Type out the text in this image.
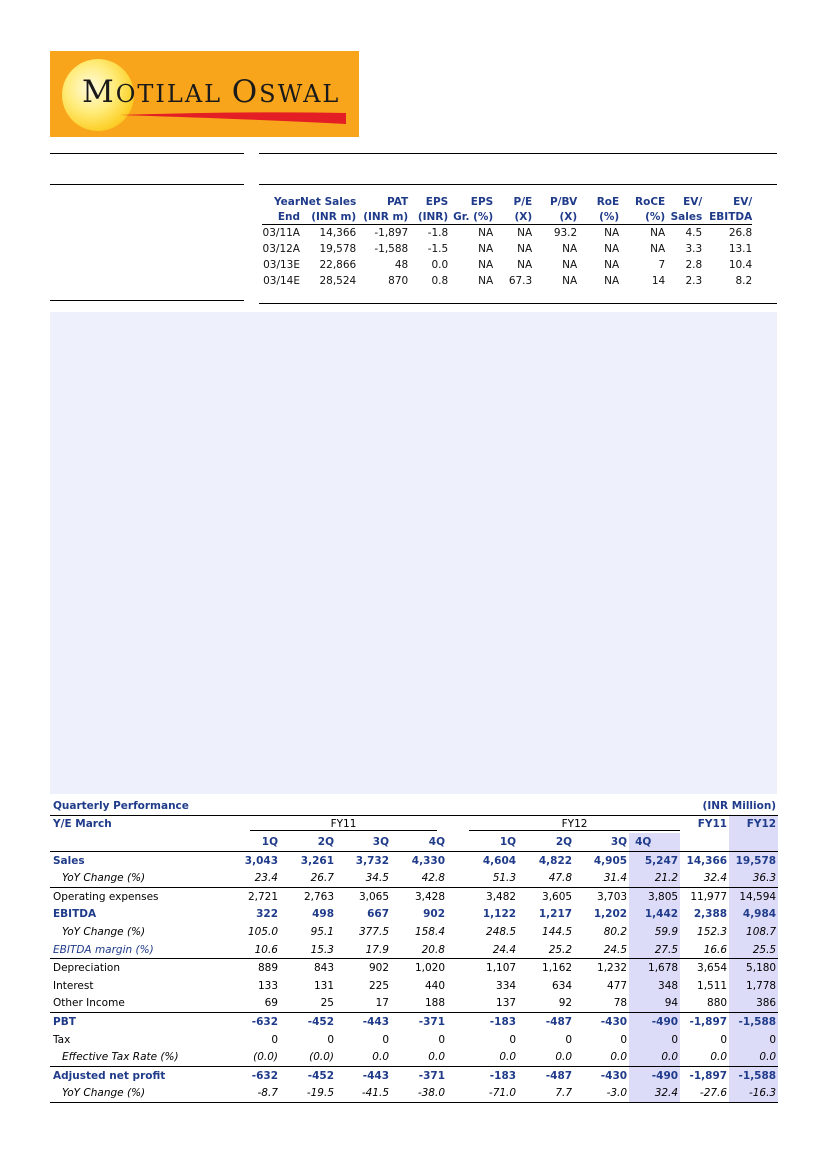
MOTILAL OSWAL
Year	Net Sales	PAT	EPS	EPS	P/E	P/BV	RoE	RoCE	EV/	EV/
End	(INR m)	(INR m)	(INR)	Gr. (%)	(X)	(X)	(%)	(%)	Sales	EBITDA
03/11A	14,366	-1,897	-1.8	NA	NA	93.2	NA	NA	4.5	26.8
03/12A	19,578	-1,588	-1.5	NA	NA	NA	NA	NA	3.3	13.1
03/13E	22,866	48	0.0	NA	NA	NA	NA	7	2.8	10.4
03/14E	28,524	870	0.8	NA	67.3	NA	NA	14	2.3	8.2
Quarterly Performance						(INR Million)				
Y/E March	FY11				FY12				FY11	FY12
	1Q	2Q	3Q	4Q	1Q	2Q	3Q	4Q		
Sales	3,043	3,261	3,732	4,330	4,604	4,822	4,905	5,247	14,366	19,578
YoY Change (%)	23.4	26.7	34.5	42.8	51.3	47.8	31.4	21.2	32.4	36.3
Operating expenses	2,721	2,763	3,065	3,428	3,482	3,605	3,703	3,805	11,977	14,594
EBITDA	322	498	667	902	1,122	1,217	1,202	1,442	2,388	4,984
YoY Change (%)	105.0	95.1	377.5	158.4	248.5	144.5	80.2	59.9	152.3	108.7
EBITDA margin (%)	10.6	15.3	17.9	20.8	24.4	25.2	24.5	27.5	16.6	25.5
Depreciation	889	843	902	1,020	1,107	1,162	1,232	1,678	3,654	5,180
Interest	133	131	225	440	334	634	477	348	1,511	1,778
Other Income	69	25	17	188	137	92	78	94	880	386
PBT	-632	-452	-443	-371	-183	-487	-430	-490	-1,897	-1,588
Tax	0	0	0	0	0	0	0	0	0	0
Effective Tax Rate (%)	(0.0)	(0.0)	0.0	0.0	0.0	0.0	0.0	0.0	0.0	0.0
Adjusted net profit	-632	-452	-443	-371	-183	-487	-430	-490	-1,897	-1,588
YoY Change (%)	-8.7	-19.5	-41.5	-38.0	-71.0	7.7	-3.0	32.4	-27.6	-16.3
